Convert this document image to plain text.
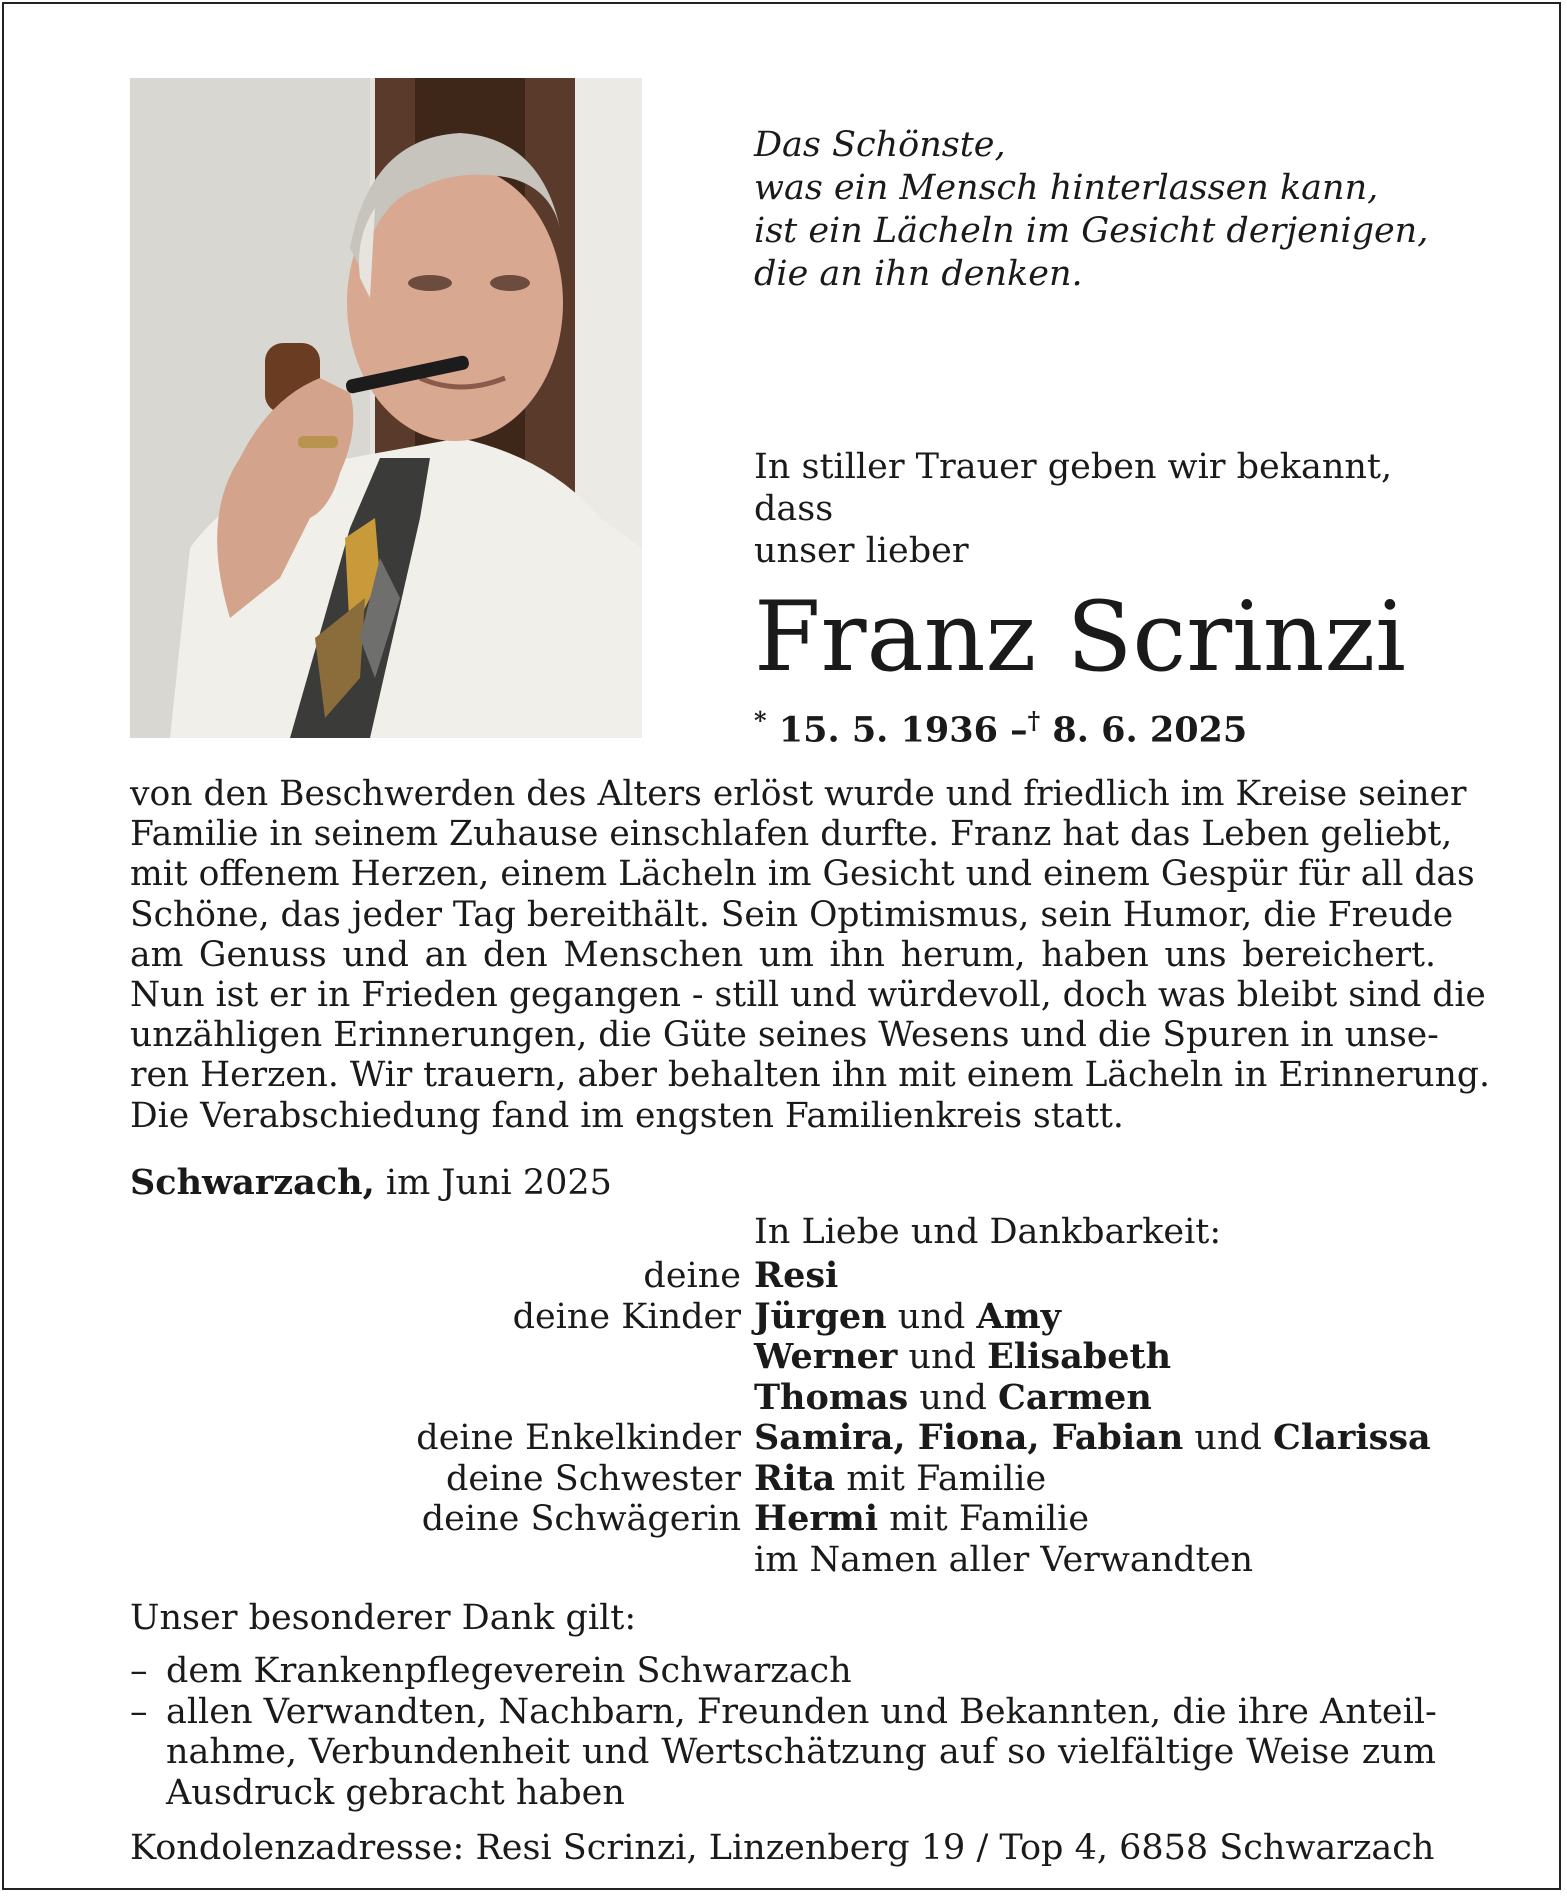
Das Schönste,
was ein Mensch hinterlassen kann,
ist ein Lächeln im Gesicht derjenigen,
die an ihn denken.
In stiller Trauer geben wir bekannt, dass
unser lieber
Franz Scrinzi
* 15. 5. 1936 –† 8. 6. 2025
von den Beschwerden des Alters erlöst wurde und friedlich im Kreise seiner
Familie in seinem Zuhause einschlafen durfte. Franz hat das Leben geliebt,
mit offenem Herzen, einem Lächeln im Gesicht und einem Gespür für all das
Schöne, das jeder Tag bereithält. Sein Optimismus, sein Humor, die Freude
am Genuss und an den Menschen um ihn herum, haben uns bereichert.
Nun ist er in Frieden gegangen - still und würdevoll, doch was bleibt sind die
unzähligen Erinnerungen, die Güte seines Wesens und die Spuren in unse-
ren Herzen. Wir trauern, aber behalten ihn mit einem Lächeln in Erinnerung.
Die Verabschiedung fand im engsten Familienkreis statt.
Schwarzach, im Juni 2025
In Liebe und Dankbarkeit:
deine Resi
deine Kinder Jürgen und Amy
Werner und Elisabeth
Thomas und Carmen
deine Enkelkinder Samira, Fiona, Fabian und Clarissa
deine Schwester Rita mit Familie
deine Schwägerin Hermi mit Familie
im Namen aller Verwandten
Unser besonderer Dank gilt:
– dem Krankenpflegeverein Schwarzach
– allen Verwandten, Nachbarn, Freunden und Bekannten, die ihre Anteil-
nahme, Verbundenheit und Wertschätzung auf so vielfältige Weise zum
Ausdruck gebracht haben
Kondolenzadresse: Resi Scrinzi, Linzenberg 19 / Top 4, 6858 Schwarzach
